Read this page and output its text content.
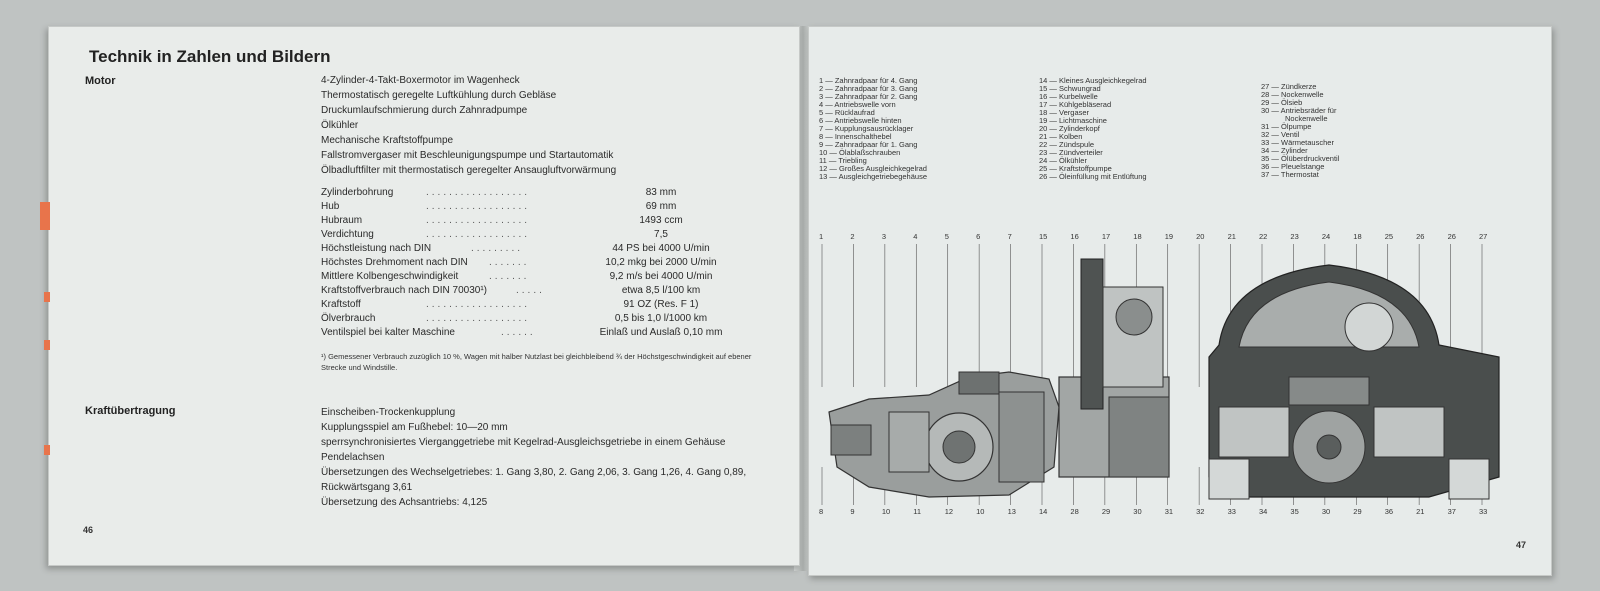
Technik in Zahlen und Bildern
Motor	4-Zylinder-4-Takt-Boxermotor im Wagenheck
Thermostatisch geregelte Luftkühlung durch Gebläse
Druckumlaufschmierung durch Zahnradpumpe
Ölkühler
Mechanische Kraftstoffpumpe
Fallstromvergaser mit Beschleunigungspumpe und Startautomatik
Ölbadluftfilter mit thermostatisch geregelter Ansaugluftvorwärmung
Zylinderbohrung	..................	83 mm
Hub	..................	69 mm
Hubraum	..................	1493 ccm
Verdichtung	..................	7,5
Höchstleistung nach DIN	.........	44 PS bei 4000 U/min
Höchstes Drehmoment nach DIN .......	10,2 mkg bei 2000 U/min
Mittlere Kolbengeschwindigkeit	.......	9,2 m/s bei 4000 U/min
Kraftstoffverbrauch nach DIN 70030¹)	.....	etwa 8,5 l/100 km
Kraftstoff	..................	91 OZ (Res. F 1)
Ölverbrauch	..................	0,5 bis 1,0 l/1000 km
Ventilspiel bei kalter Maschine	......	Einlaß und Auslaß 0,10 mm
¹) Gemessener Verbrauch zuzüglich 10 %, Wagen mit halber Nutzlast bei gleichbleibend ¾ der Höchstgeschwindigkeit auf ebener Strecke und Windstille.
Kraftübertragung	Einscheiben-Trockenkupplung
Kupplungsspiel am Fußhebel: 10—20 mm
sperrsynchronisiertes Vierganggetriebe mit Kegelrad-Ausgleichsgetriebe in einem Gehäuse
Pendelachsen
Übersetzungen des Wechselgetriebes: 1. Gang 3,80, 2. Gang 2,06, 3. Gang 1,26, 4. Gang 0,89,
Rückwärtsgang 3,61
Übersetzung des Achsantriebs: 4,125
46
1 — Zahnradpaar für 4. Gang
2 — Zahnradpaar für 3. Gang
3 — Zahnradpaar für 2. Gang
4 — Antriebswelle vorn
5 — Rücklaufrad
6 — Antriebswelle hinten
7 — Kupplungsausrücklager
8 — Innenschalthebel
9 — Zahnradpaar für 1. Gang
10 — Ölablaßschrauben
11 — Triebling
12 — Großes Ausgleichkegelrad
13 — Ausgleichgetriebegehäuse
14 — Kleines Ausgleichkegelrad
15 — Schwungrad
16 — Kurbelwelle
17 — Kühlgebläserad
18 — Vergaser
19 — Lichtmaschine
20 — Zylinderkopf
21 — Kolben
22 — Zündspule
23 — Zündverteiler
24 — Ölkühler
25 — Kraftstoffpumpe
26 — Öleinfüllung mit Entlüftung
27 — Zündkerze
28 — Nockenwelle
29 — Ölsieb
30 — Antriebsräder für
Nockenwelle
31 — Ölpumpe
32 — Ventil
33 — Wärmetauscher
34 — Zylinder
35 — Ölüberdruckventil
36 — Pleuelstange
37 — Thermostat
47
1	2	3	4	5	6	7	15	16	17	18	19	20	21	22	23	24	18	25	26	26	27
8	9	10	11	12	10	13	14	28	29	30	31	32	33	34	35	30	29	36	21	37	33
